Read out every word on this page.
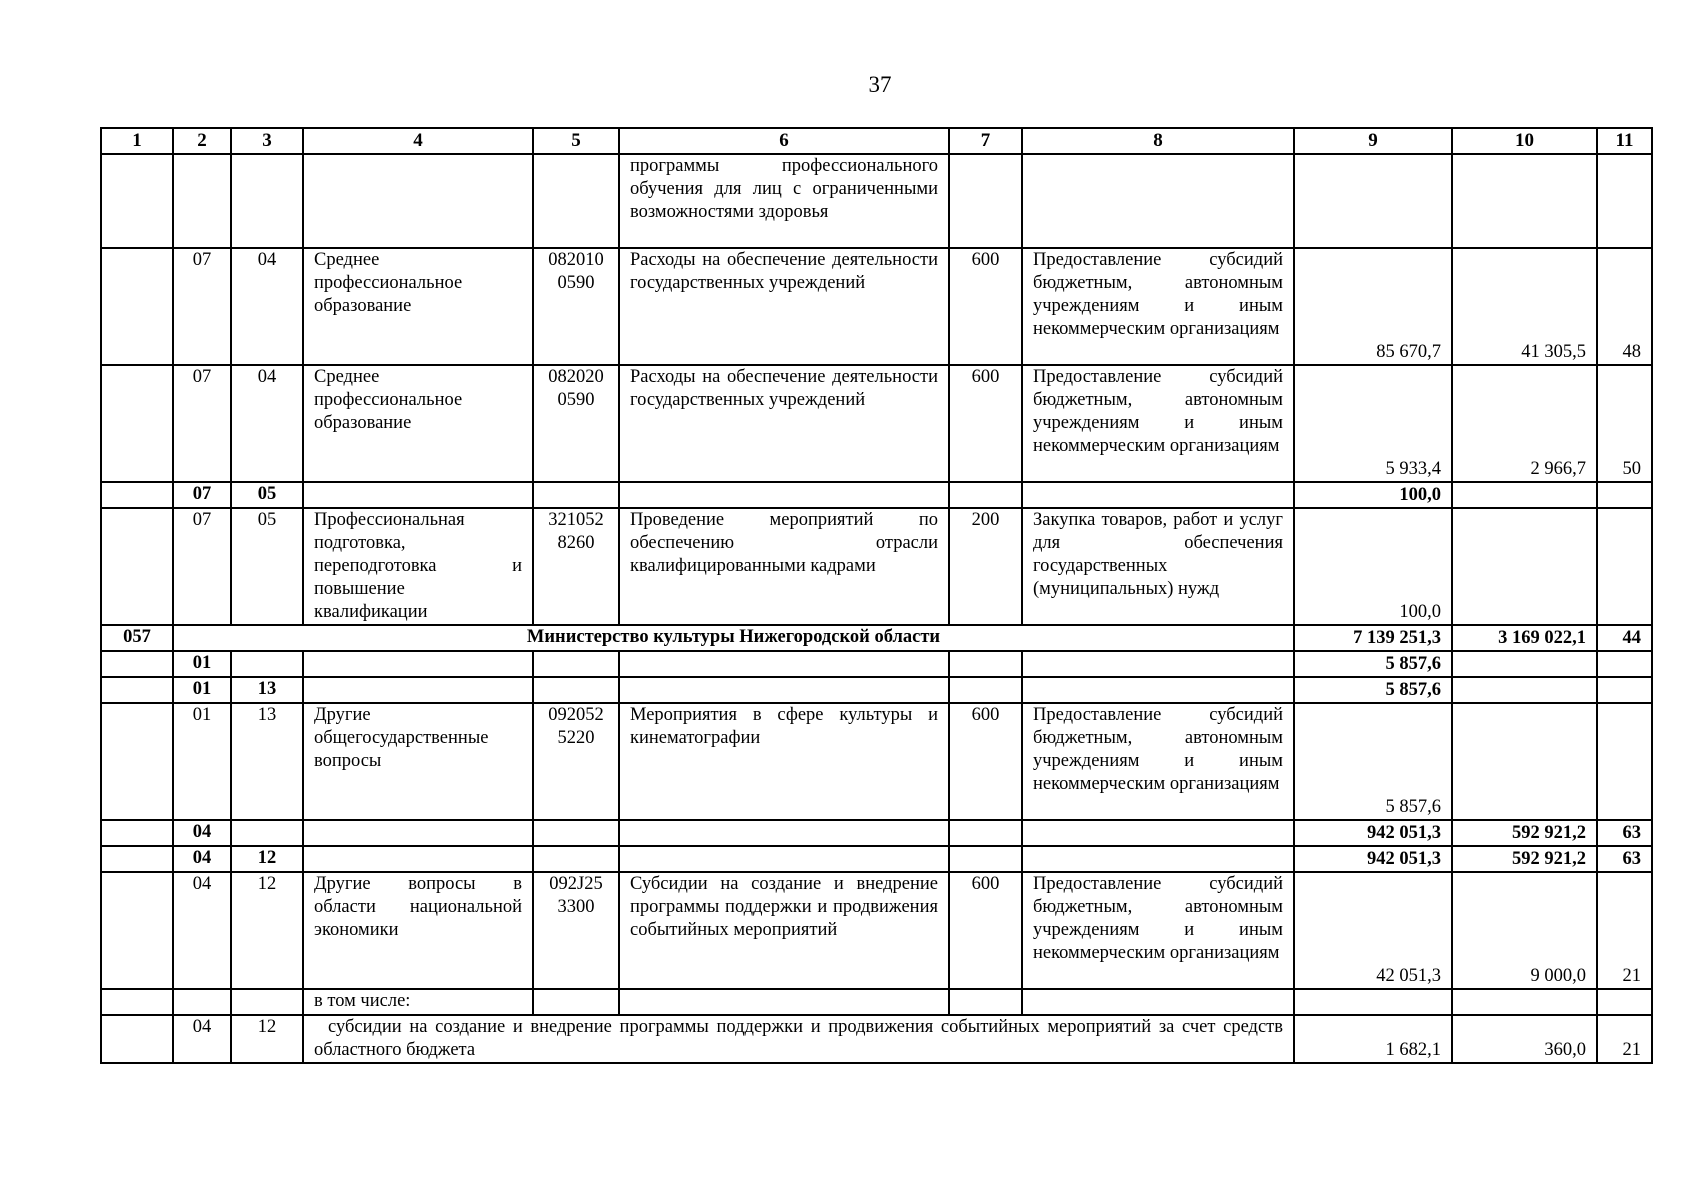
37
1	2	3	4	5	6	7	8	9	10	11
					программы профессионального обучения для лиц с ограниченными возможностями здоровья					
	07	04	Среднее профессиональное образование	082010 0590	Расходы на обеспечение деятельности государственных учреждений	600	Предоставление субсидий бюджетным, автономным учреждениям и иным некоммерческим организациям	85 670,7	41 305,5	48
	07	04	Среднее профессиональное образование	082020 0590	Расходы на обеспечение деятельности государственных учреждений	600	Предоставление субсидий бюджетным, автономным учреждениям и иным некоммерческим организациям	5 933,4	2 966,7	50
	07	05						100,0		
	07	05	Профессиональная подготовка, переподготовка и повышение квалификации	321052 8260	Проведение мероприятий по обеспечению отрасли квалифицированными кадрами	200	Закупка товаров, работ и услуг для обеспечения государственных (муниципальных) нужд	100,0		
057	Министерство культуры Нижегородской области							7 139 251,3	3 169 022,1	44
	01							5 857,6		
	01	13						5 857,6		
	01	13	Другие общегосударственные вопросы	092052 5220	Мероприятия в сфере культуры и кинематографии	600	Предоставление субсидий бюджетным, автономным учреждениям и иным некоммерческим организациям	5 857,6		
	04							942 051,3	592 921,2	63
	04	12						942 051,3	592 921,2	63
	04	12	Другие вопросы в области национальной экономики	092J25 3300	Субсидии на создание и внедрение программы поддержки и продвижения событийных мероприятий	600	Предоставление субсидий бюджетным, автономным учреждениям и иным некоммерческим организациям	42 051,3	9 000,0	21
			в том числе:							
	04	12	субсидии на создание и внедрение программы поддержки и продвижения событийных мероприятий за счет средств областного бюджета					1 682,1	360,0	21
